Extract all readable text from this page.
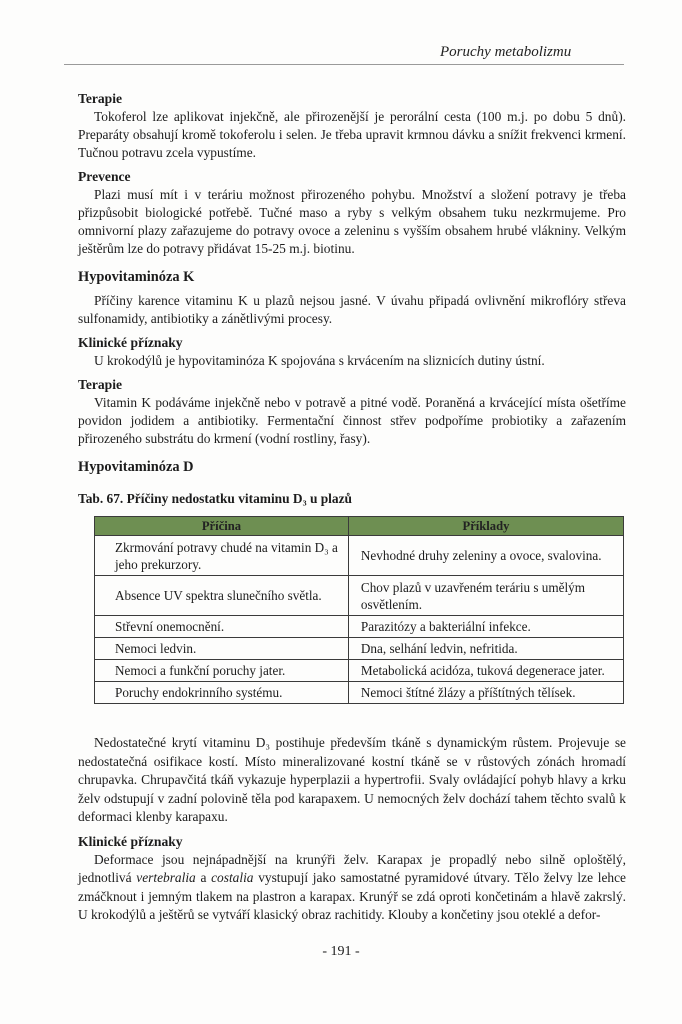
Poruchy metabolizmu
Terapie

Tokoferol lze aplikovat injekčně, ale přirozenější je perorální cesta (100 m.j. po dobu 5 dnů). Preparáty obsahují kromě tokoferolu i selen. Je třeba upravit krmnou dávku a snížit frekvenci krmení. Tučnou potravu zcela vypustíme.

Prevence

Plazi musí mít i v teráriu možnost přirozeného pohybu. Množství a složení potravy je třeba přizpůsobit biologické potřebě. Tučné maso a ryby s velkým obsahem tuku nezkrmujeme. Pro omnivorní plazy zařazujeme do potravy ovoce a zeleninu s vyšším obsahem hrubé vlákniny. Velkým ještěrům lze do potravy přidávat 15-25 m.j. biotinu.

Hypovitaminóza K

Příčiny karence vitaminu K u plazů nejsou jasné. V úvahu připadá ovlivnění mikroflóry střeva sulfonamidy, antibiotiky a zánětlivými procesy.

Klinické příznaky

U krokodýlů je hypovitaminóza K spojována s krvácením na sliznicích dutiny ústní.

Terapie

Vitamin K podáváme injekčně nebo v potravě a pitné vodě. Poraněná a krvácející místa ošetříme povidon jodidem a antibiotiky. Fermentační činnost střev podpoříme probiotiky a zařazením přirozeného substrátu do krmení (vodní rostliny, řasy).

Hypovitaminóza D
Tab. 67. Příčiny nedostatku vitaminu D₃ u plazů
Příčina	Příklady
Zkrmování potravy chudé na vitamin D₃ a jeho prekurzory.	Nevhodné druhy zeleniny a ovoce, svalovina.
Absence UV spektra slunečního světla.	Chov plazů v uzavřeném teráriu s umělým osvětlením.
Střevní onemocnění.	Parazitózy a bakteriální infekce.
Nemoci ledvin.	Dna, selhání ledvin, nefritida.
Nemoci a funkční poruchy jater.	Metabolická acidóza, tuková degenerace jater.
Poruchy endokrinního systému.	Nemoci štítné žlázy a příštítných tělísek.

Nedostatečné krytí vitaminu D₃ postihuje především tkáně s dynamickým růstem. Projevuje se nedostatečná osifikace kostí. Místo mineralizované kostní tkáně se v růstových zónách hromadí chrupavka. Chrupavčitá tkáň vykazuje hyperplazii a hypertrofii. Svaly ovládající pohyb hlavy a krku želv odstupují v zadní polovině těla pod karapaxem. U nemocných želv dochází tahem těchto svalů k deformaci klenby karapaxu.

Klinické příznaky

Deformace jsou nejnápadnější na krunýři želv. Karapax je propadlý nebo silně oploštělý, jednotlivá vertebralia a costalia vystupují jako samostatné pyramidové útvary. Tělo želvy lze lehce zmáčknout i jemným tlakem na plastron a karapax. Krunýř se zdá oproti končetinám a hlavě zakrslý. U krokodýlů a ještěrů se vytváří klasický obraz rachitidy. Klouby a končetiny jsou oteklé a defor-

- 191 -
